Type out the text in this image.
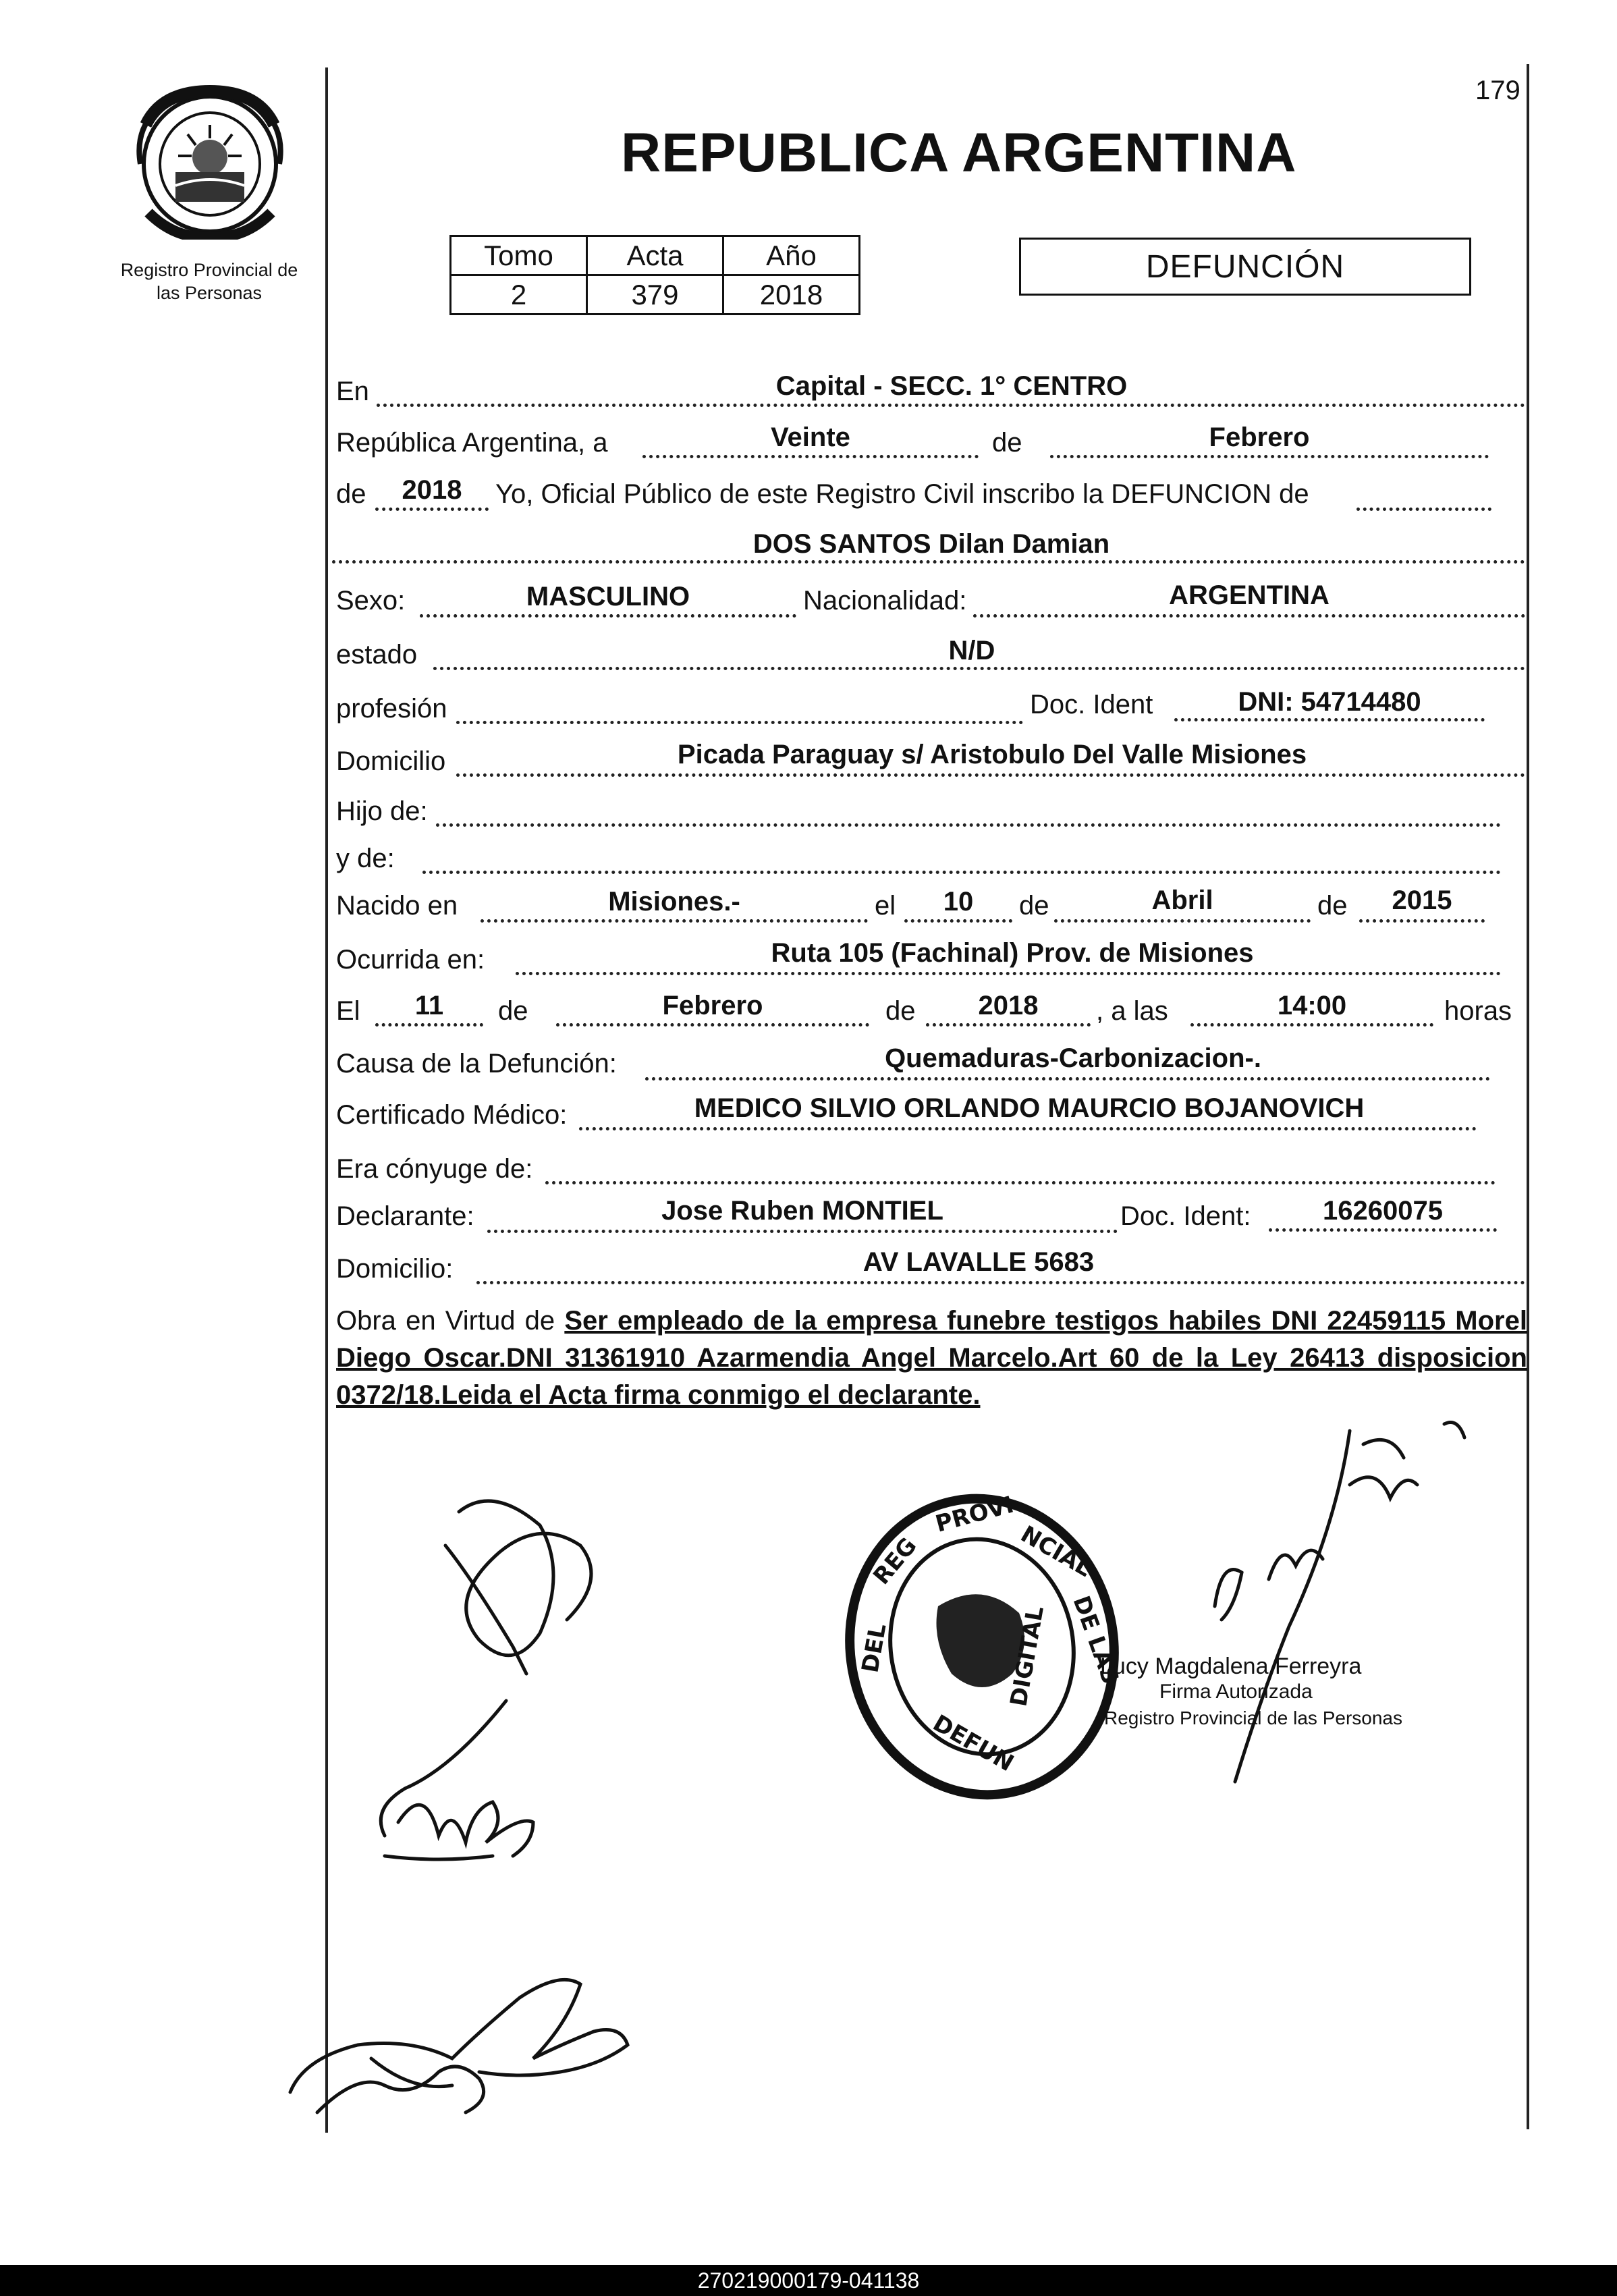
179
Registro Provincial de
las Personas
REPUBLICA ARGENTINA
Tomo	Acta	Año
2	379	2018
DEFUNCIÓN
En	Capital - SECC. 1° CENTRO
República Argentina, a	Veinte	de	Febrero
de	2018	Yo, Oficial Público de este Registro Civil inscribo la DEFUNCION de
DOS SANTOS Dilan Damian
Sexo:	MASCULINO	Nacionalidad:	ARGENTINA
estado	N/D
profesión	Doc. Ident	DNI: 54714480
Domicilio	Picada Paraguay s/ Aristobulo Del Valle Misiones
Hijo de:
y de:
Nacido en	Misiones.-	el	10	de	Abril	de	2015
Ocurrida en:	Ruta 105 (Fachinal) Prov. de Misiones
El	11	de	Febrero	de	2018	, a las	14:00	horas
Causa de la Defunción:	Quemaduras-Carbonizacion-.
Certificado Médico:	MEDICO SILVIO ORLANDO MAURCIO BOJANOVICH
Era cónyuge de:
Declarante:	Jose Ruben MONTIEL	Doc. Ident:	16260075
Domicilio:	AV LAVALLE 5683
Obra en Virtud de Ser empleado de la empresa funebre testigos habiles DNI 22459115 Morel Diego Oscar.DNI 31361910 Azarmendia Angel Marcelo.Art 60 de la Ley 26413 disposicion 0372/18.Leida el Acta firma conmigo el declarante.
REG
PROVI
NCIAL
DE LAS
DEL	DIGITAL
DEFUN
Lucy Magdalena Ferreyra
Firma Autorizada
Registro Provincial de las Personas
270219000179-041138
